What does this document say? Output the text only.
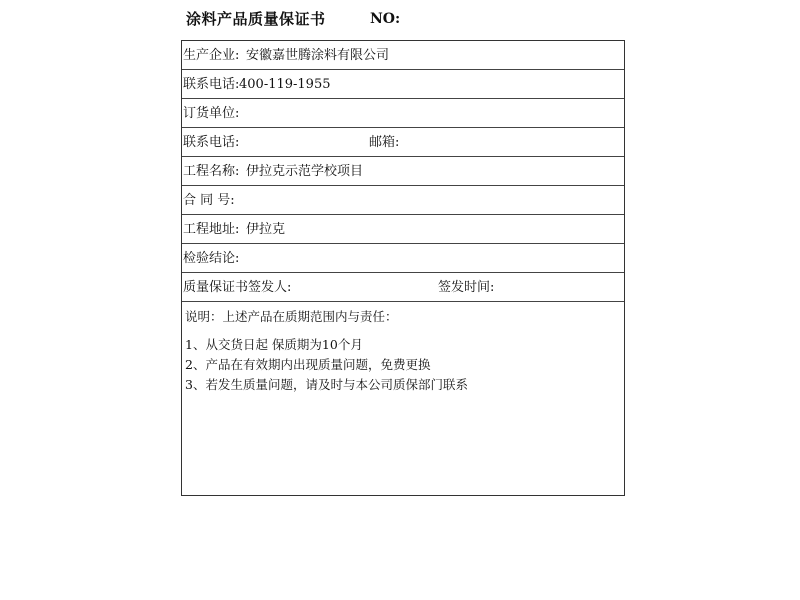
涂料产品质量保证书	NO:
生产企业: 安徽嘉世腾涂料有限公司
联系电话: 400-119-1955
订货单位:
联系电话:	邮箱:
工程名称: 伊拉克示范学校项目
合 同 号:
工程地址: 伊拉克
检验结论:
质量保证书签发人:	签发时间:
说明：上述产品在质期范围内与责任：
1、从交货日起 保质期为10个月
2、产品在有效期内出现质量问题，免费更换
3、若发生质量问题，请及时与本公司质保部门联系
